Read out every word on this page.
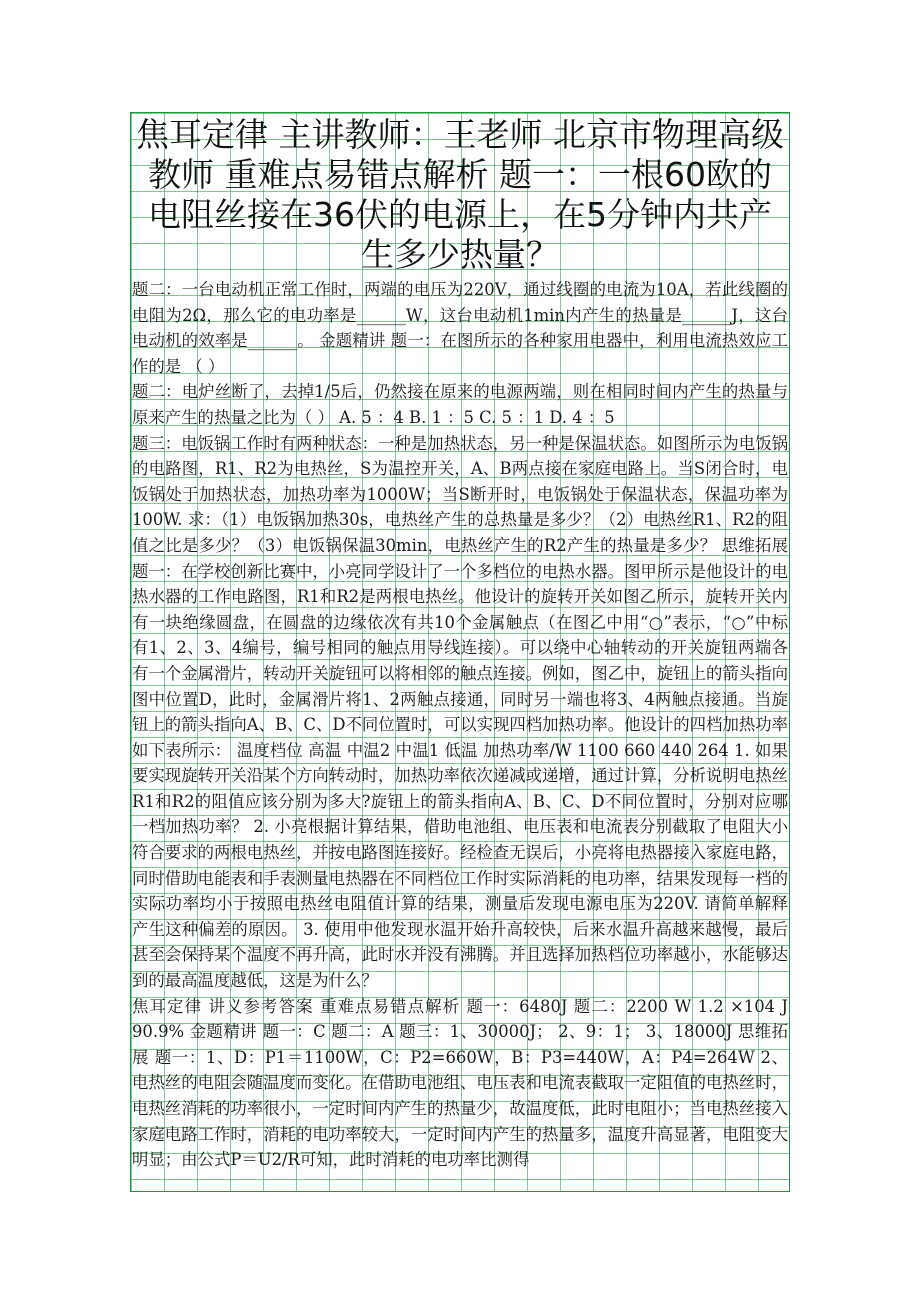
焦耳定律 主讲教师：王老师 北京市物理高级教师 重难点易错点解析 题一：一根60欧的电阻丝接在36伏的电源上，在5分钟内共产生多少热量？

题二：一台电动机正常工作时，两端的电压为220V，通过线圈的电流为10A，若此线圈的电阻为2Ω，那么它的电功率是______W，这台电动机1min内产生的热量是______J，这台电动机的效率是______。 金题精讲 题一：在图所示的各种家用电器中，利用电流热效应工作的是 （ ）

题二：电炉丝断了，去掉1/5后，仍然接在原来的电源两端，则在相同时间内产生的热量与原来产生的热量之比为（ ） A. 5 ：4 B. 1 ：5 C. 5 ：1 D. 4 ：5

题三：电饭锅工作时有两种状态：一种是加热状态，另一种是保温状态。如图所示为电饭锅的电路图，R1、R2为电热丝，S为温控开关，A、B两点接在家庭电路上。当S闭合时，电饭锅处于加热状态，加热功率为1000W；当S断开时，电饭锅处于保温状态，保温功率为100W. 求：（1）电饭锅加热30s，电热丝产生的总热量是多少？（2）电热丝R1、R2的阻值之比是多少？（3）电饭锅保温30min，电热丝产生的R2产生的热量是多少？ 思维拓展 题一：在学校创新比赛中，小亮同学设计了一个多档位的电热水器。图甲所示是他设计的电热水器的工作电路图，R1和R2是两根电热丝。他设计的旋转开关如图乙所示，旋转开关内有一块绝缘圆盘，在圆盘的边缘依次有共10个金属触点（在图乙中用“○”表示，“○”中标有1、2、3、4编号，编号相同的触点用导线连接）。可以绕中心轴转动的开关旋钮两端各有一个金属滑片，转动开关旋钮可以将相邻的触点连接。例如，图乙中，旋钮上的箭头指向图中位置D，此时，金属滑片将1、2两触点接通，同时另一端也将3、4两触点接通。当旋钮上的箭头指向A、B、C、D不同位置时，可以实现四档加热功率。他设计的四档加热功率如下表所示： 温度档位 高温 中温2 中温1 低温 加热功率/W 1100 660 440 264 1. 如果要实现旋转开关沿某个方向转动时，加热功率依次递减或递增，通过计算，分析说明电热丝R1和R2的阻值应该分别为多大?旋钮上的箭头指向A、B、C、D不同位置时，分别对应哪一档加热功率？ 2. 小亮根据计算结果，借助电池组、电压表和电流表分别截取了电阻大小符合要求的两根电热丝，并按电路图连接好。经检查无误后，小亮将电热器接入家庭电路，同时借助电能表和手表测量电热器在不同档位工作时实际消耗的电功率，结果发现每一档的实际功率均小于按照电热丝电阻值计算的结果，测量后发现电源电压为220V. 请简单解释产生这种偏差的原因。 3. 使用中他发现水温开始升高较快，后来水温升高越来越慢，最后甚至会保持某个温度不再升高，此时水并没有沸腾。并且选择加热档位功率越小，水能够达到的最高温度越低，这是为什么？

焦耳定律 讲义参考答案 重难点易错点解析 题一：6480J 题二：2200 W 1.2 ×104 J 90.9% 金题精讲 题一：C 题二：A 题三：1、30000J； 2、9：1； 3、18000J 思维拓展 题一：1、D：P1＝1100W，C：P2=660W，B：P3=440W，A：P4=264W 2、电热丝的电阻会随温度而变化。在借助电池组、电压表和电流表截取一定阻值的电热丝时，电热丝消耗的功率很小，一定时间内产生的热量少，故温度低，此时电阻小；当电热丝接入家庭电路工作时，消耗的电功率较大，一定时间内产生的热量多，温度升高显著，电阻变大明显；由公式P＝U2/R可知，此时消耗的电功率比测得
